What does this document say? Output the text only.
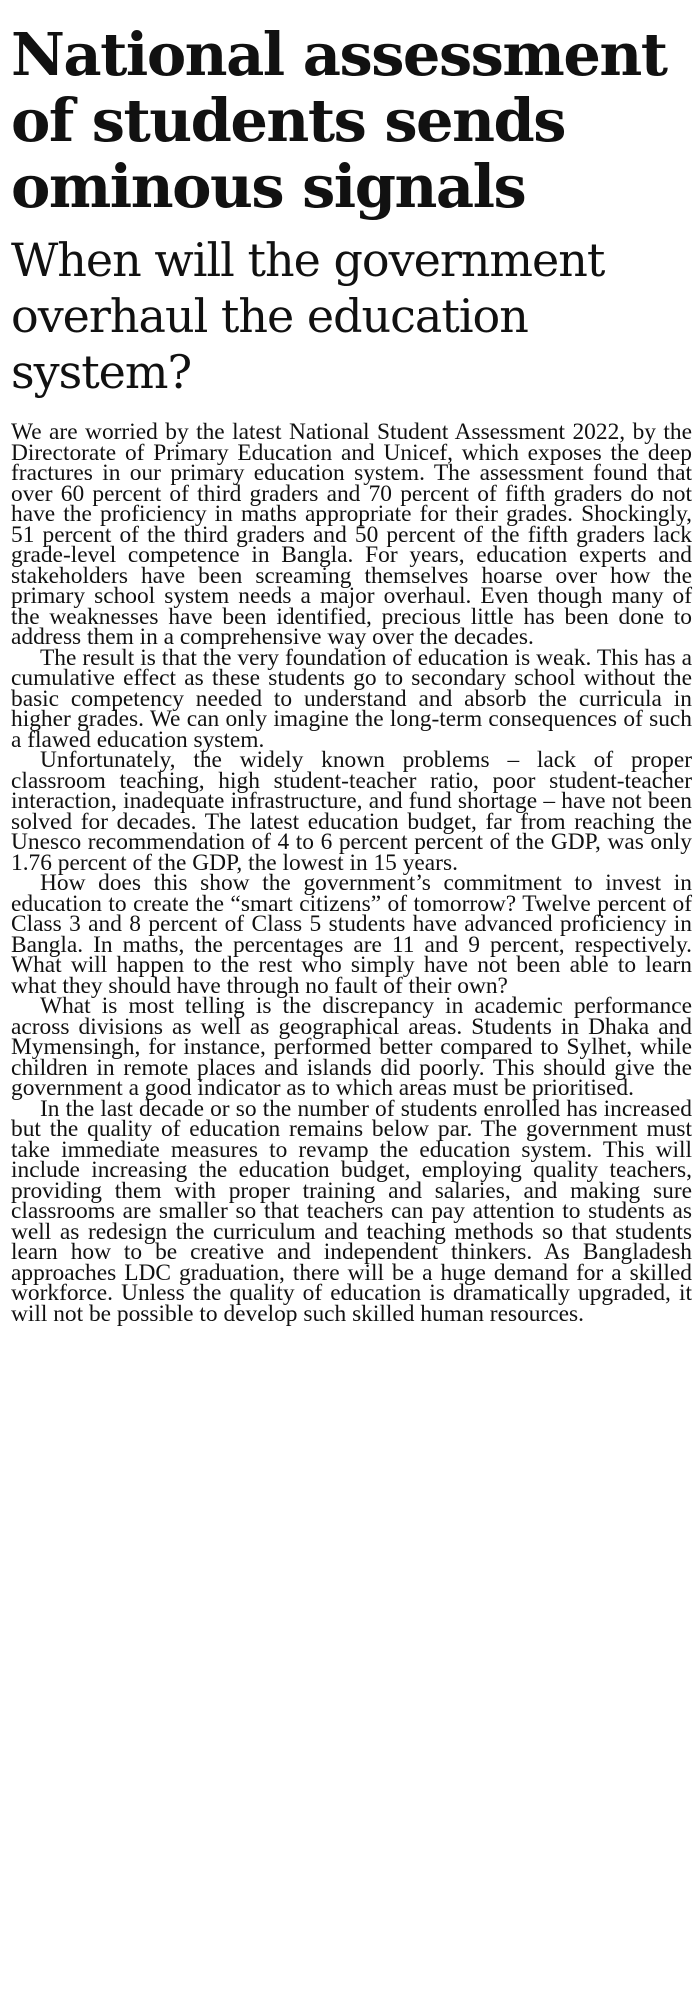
National assessment of students sends ominous signals
When will the government overhaul the education system?

We are worried by the latest National Student Assessment 2022, by the Directorate of Primary Education and Unicef, which exposes the deep fractures in our primary education system. The assessment found that over 60 percent of third graders and 70 percent of fifth graders do not have the proficiency in maths appropriate for their grades. Shockingly, 51 percent of the third graders and 50 percent of the fifth graders lack grade-level competence in Bangla. For years, education experts and stakeholders have been screaming themselves hoarse over how the primary school system needs a major overhaul. Even though many of the weaknesses have been identified, precious little has been done to address them in a comprehensive way over the decades.

The result is that the very foundation of education is weak. This has a cumulative effect as these students go to secondary school without the basic competency needed to understand and absorb the curricula in higher grades. We can only imagine the long-term consequences of such a flawed education system.

Unfortunately, the widely known problems – lack of proper classroom teaching, high student-teacher ratio, poor student-teacher interaction, inadequate infrastructure, and fund shortage – have not been solved for decades. The latest education budget, far from reaching the Unesco recommendation of 4 to 6 percent percent of the GDP, was only 1.76 percent of the GDP, the lowest in 15 years.

How does this show the government’s commitment to invest in education to create the “smart citizens” of tomorrow? Twelve percent of Class 3 and 8 percent of Class 5 students have advanced proficiency in Bangla. In maths, the percentages are 11 and 9 percent, respectively. What will happen to the rest who simply have not been able to learn what they should have through no fault of their own?

What is most telling is the discrepancy in academic performance across divisions as well as geographical areas. Students in Dhaka and Mymensingh, for instance, performed better compared to Sylhet, while children in remote places and islands did poorly. This should give the government a good indicator as to which areas must be prioritised.

In the last decade or so the number of students enrolled has increased but the quality of education remains below par. The government must take immediate measures to revamp the education system. This will include increasing the education budget, employing quality teachers, providing them with proper training and salaries, and making sure classrooms are smaller so that teachers can pay attention to students as well as redesign the curriculum and teaching methods so that students learn how to be creative and independent thinkers. As Bangladesh approaches LDC graduation, there will be a huge demand for a skilled workforce. Unless the quality of education is dramatically upgraded, it will not be possible to develop such skilled human resources.
